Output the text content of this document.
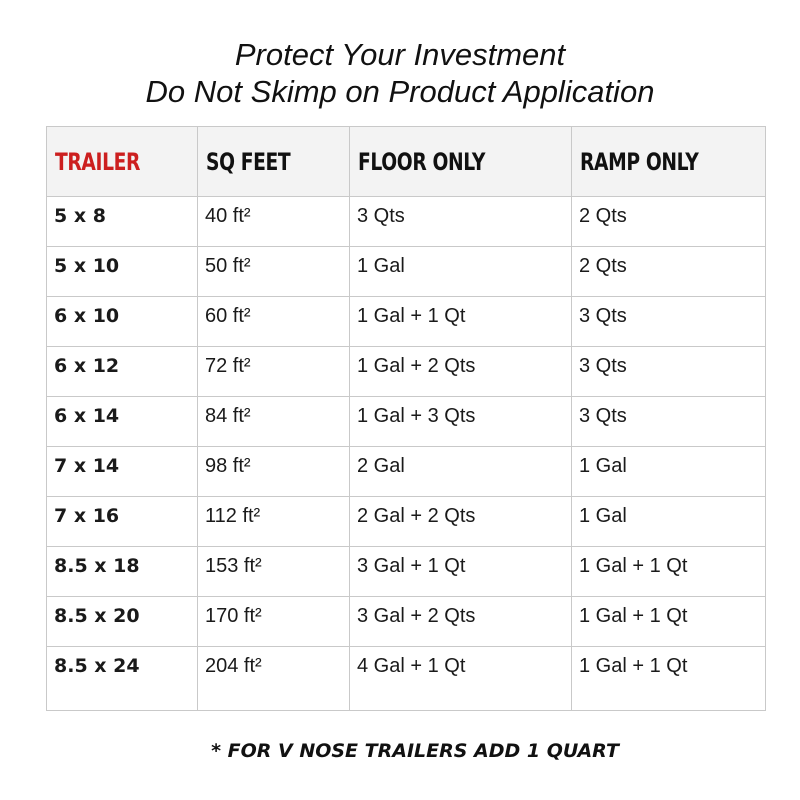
Protect Your Investment
Do Not Skimp on Product Application
TRAILER	SQ FEET	FLOOR ONLY	RAMP ONLY
5 x 8	40 ft²	3 Qts	2 Qts
5 x 10	50 ft²	1 Gal	2 Qts
6 x 10	60 ft²	1 Gal + 1 Qt	3 Qts
6 x 12	72 ft²	1 Gal + 2 Qts	3 Qts
6 x 14	84 ft²	1 Gal + 3 Qts	3 Qts
7 x 14	98 ft²	2 Gal	1 Gal
7 x 16	112 ft²	2 Gal + 2 Qts	1 Gal
8.5 x 18	153 ft²	3 Gal + 1 Qt	1 Gal + 1 Qt
8.5 x 20	170 ft²	3 Gal + 2 Qts	1 Gal + 1 Qt
8.5 x 24	204 ft²	4 Gal + 1 Qt	1 Gal + 1 Qt
* FOR V NOSE TRAILERS ADD 1 QUART
